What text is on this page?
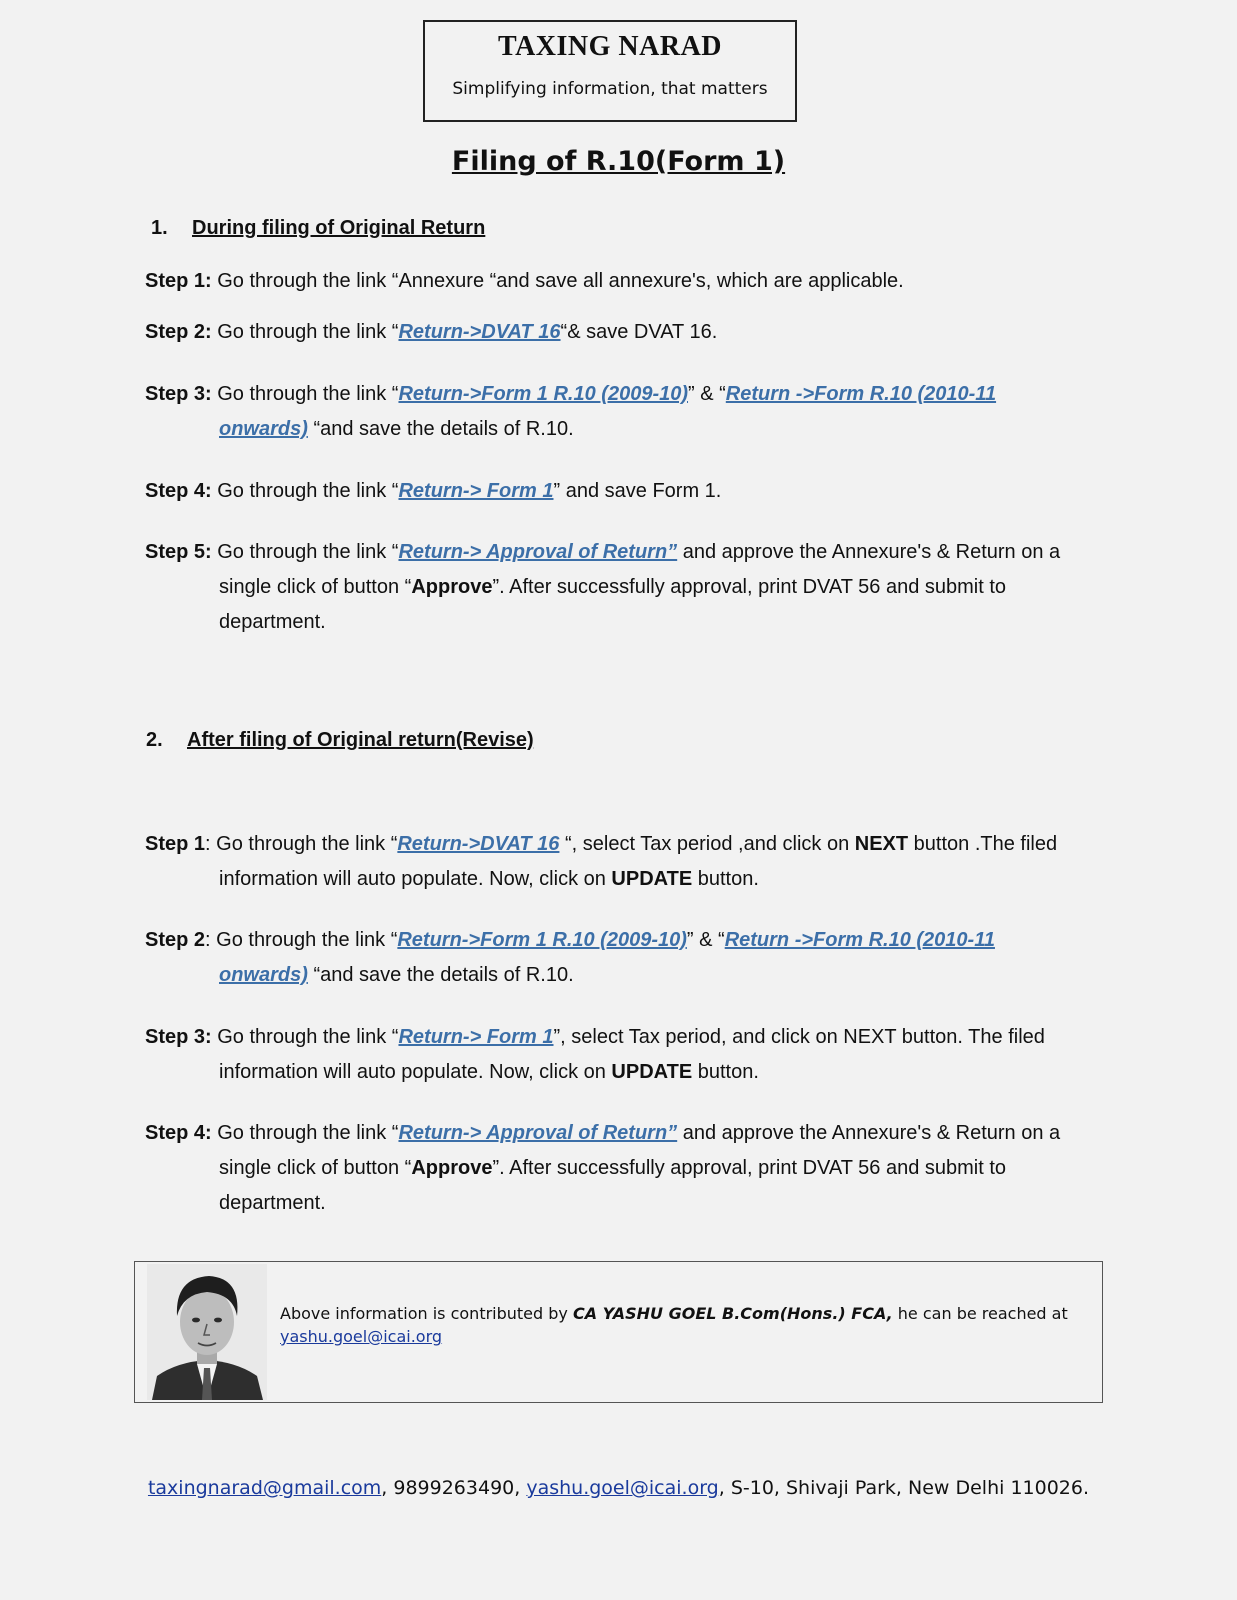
TAXING NARAD
Simplifying information, that matters
Filing of R.10(Form 1)
1. During filing of Original Return
Step 1: Go through the link “Annexure “and save all annexure's, which are applicable.
Step 2: Go through the link “Return->DVAT 16“& save DVAT 16.
Step 3: Go through the link “Return->Form 1 R.10 (2009-10)” & “Return ->Form R.10 (2010-11
onwards) “and save the details of R.10.
Step 4: Go through the link “Return-> Form 1” and save Form 1.
Step 5: Go through the link “Return-> Approval of Return” and approve the Annexure's & Return on a
single click of button “Approve”. After successfully approval, print DVAT 56 and submit to
department.
2. After filing of Original return(Revise)
Step 1: Go through the link “Return->DVAT 16 “, select Tax period ,and click on NEXT button .The filed
information will auto populate. Now, click on UPDATE button.
Step 2: Go through the link “Return->Form 1 R.10 (2009-10)” & “Return ->Form R.10 (2010-11
onwards) “and save the details of R.10.
Step 3: Go through the link “Return-> Form 1”, select Tax period, and click on NEXT button. The filed
information will auto populate. Now, click on UPDATE button.
Step 4: Go through the link “Return-> Approval of Return” and approve the Annexure's & Return on a
single click of button “Approve”. After successfully approval, print DVAT 56 and submit to
department.
Above information is contributed by CA YASHU GOEL B.Com(Hons.) FCA, he can be reached at
yashu.goel@icai.org
taxingnarad@gmail.com, 9899263490, yashu.goel@icai.org, S-10, Shivaji Park, New Delhi 110026.
